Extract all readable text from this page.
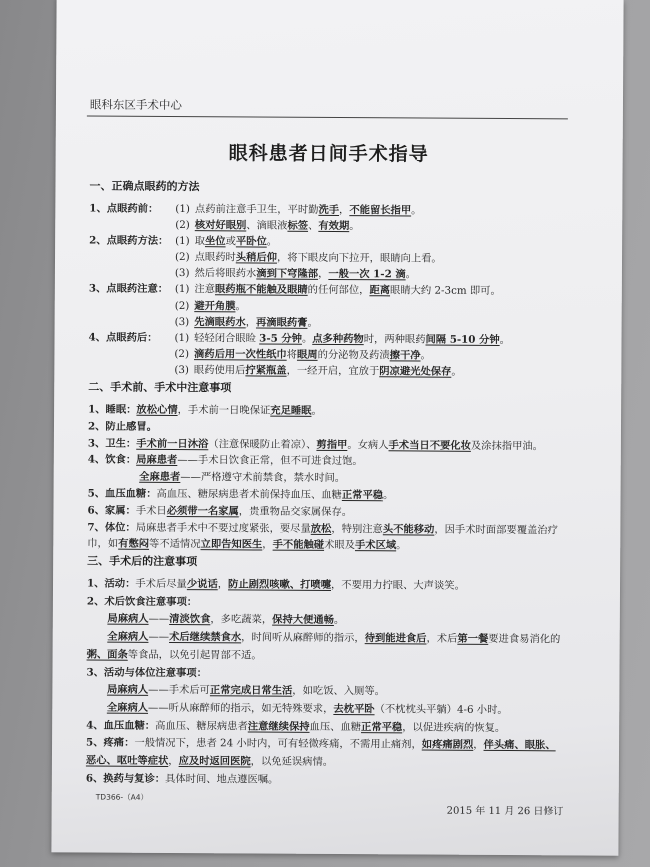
眼科东区手术中心
眼科患者日间手术指导
一、正确点眼药的方法
1、点眼药前：	(1) 点药前注意手卫生，平时勤洗手，不能留长指甲。
(2) 核对好眼别、滴眼液标签、有效期。
2、点眼药方法： (1) 取坐位或平卧位。
(2) 点眼药时头稍后仰，将下眼皮向下拉开，眼睛向上看。
(3) 然后将眼药水滴到下穹隆部，一般一次 1-2 滴。
3、点眼药注意： (1) 注意眼药瓶不能触及眼睛的任何部位，距离眼睛大约 2-3cm 即可。
(2) 避开角膜。
(3) 先滴眼药水，再滴眼药膏。
4、点眼药后：	(1) 轻轻闭合眼睑 3-5 分钟。点多种药物时，两种眼药间隔 5-10 分钟。
(2) 滴药后用一次性纸巾将眼周的分泌物及药渍擦干净。
(3) 眼药使用后拧紧瓶盖，一经开启，宜放于阴凉避光处保存。
二、手术前、手术中注意事项
1、睡眠：放松心情，手术前一日晚保证充足睡眠。
2、防止感冒。
3、卫生：手术前一日沐浴（注意保暖防止着凉）、剪指甲。女病人手术当日不要化妆及涂抹指甲油。
4、饮食：局麻患者——手术日饮食正常，但不可进食过饱。
全麻患者——严格遵守术前禁食，禁水时间。
5、血压血糖：高血压、糖尿病患者术前保持血压、血糖正常平稳。
6、家属：手术日必须带一名家属，贵重物品交家属保存。
7、体位：局麻患者手术中不要过度紧张，要尽量放松，特别注意头不能移动，因手术时面部要覆盖治疗巾，如有憋闷等不适情况立即告知医生，手不能触碰术眼及手术区域。
三、手术后的注意事项
1、活动：手术后尽量少说话，防止剧烈咳嗽、打喷嚏，不要用力拧眼、大声谈笑。
2、术后饮食注意事项：
局麻病人——清淡饮食，多吃蔬菜，保持大便通畅。
全麻病人——术后继续禁食水，时间听从麻醉师的指示，待到能进食后，术后第一餐要进食易消化的粥、面条等食品，以免引起胃部不适。
3、活动与体位注意事项：
局麻病人——手术后可正常完成日常生活，如吃饭、入厕等。
全麻病人——听从麻醉师的指示，如无特殊要求，去枕平卧（不枕枕头平躺）4-6 小时。
4、血压血糖：高血压、糖尿病患者注意继续保持血压、血糖正常平稳，以促进疾病的恢复。
5、疼痛：一般情况下，患者 24 小时内，可有轻微疼痛，不需用止痛剂，如疼痛剧烈，伴头痛、眼胀、恶心、呕吐等症状，应及时返回医院，以免延误病情。
6、换药与复诊：具体时间、地点遵医嘱。
TD366-（A4）
2015 年 11 月 26 日修订
